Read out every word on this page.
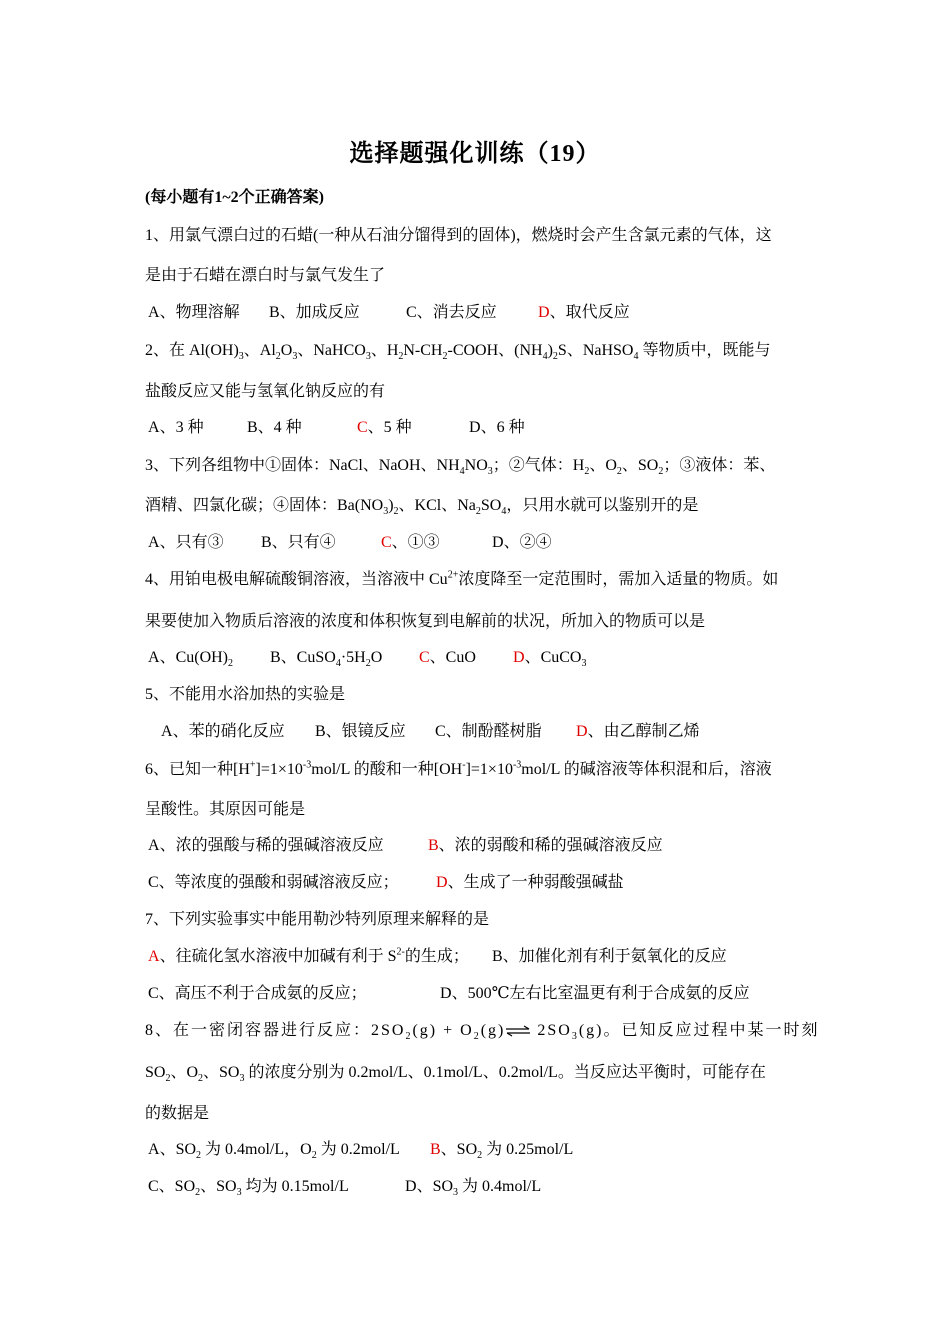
选择题强化训练（19）
(每小题有1~2个正确答案)
1、用氯气漂白过的石蜡(一种从石油分馏得到的固体)，燃烧时会产生含氯元素的气体，这
是由于石蜡在漂白时与氯气发生了
A、物理溶解 B、加成反应	C、消去反应	D、取代反应
2、在 $Al(OH)_3$、$Al_2O_3$、NaHCO$_3$、$H_2N-CH_2$-COOH、$(NH_4)_2S$、NaHSO$_4$ 等物质中，既能与
盐酸反应又能与氢氧化钠反应的有
A、3 种	B、4 种	C、5 种	D、6 种
3、下列各组物中①固体：NaCl、NaOH、$NH_4NO_3$；②气体：$H_2$、$O_2$、$SO_2$；③液体：苯、
酒精、四氯化碳；④固体：$Ba(NO_3)_2$、KCl、$Na_2SO_4$，只用水就可以鉴别开的是
A、只有③ B、只有④	C、①③	D、②④
4、用铂电极电解硫酸铜溶液，当溶液中 $Cu^{2+}$浓度降至一定范围时，需加入适量的物质。如
果要使加入物质后溶液的浓度和体积恢复到电解前的状况，所加入的物质可以是
A、$Cu(OH)_2$ B、$CuSO_4\cdot 5H_2O$ C、CuO D、CuCO$_3$
5、不能用水浴加热的实验是
A、苯的硝化反应 B、银镜反应 C、制酚醛树脂 D、由乙醇制乙烯
6、已知一种$[H^+]=1\times 10^{-3}mol/L$ 的酸和一种$[OH^-]=1\times 10^{-3}mol/L$ 的碱溶液等体积混和后，溶液
呈酸性。其原因可能是
A、浓的强酸与稀的强碱溶液反应	B、浓的弱酸和稀的强碱溶液反应
C、等浓度的强酸和弱碱溶液反应； D、生成了一种弱酸强碱盐
7、下列实验事实中能用勒沙特列原理来解释的是
A、往硫化氢水溶液中加碱有利于 $S^{2-}$的生成； B、加催化剂有利于氨氧化的反应
C、高压不利于合成氨的反应；	D、500℃左右比室温更有利于合成氨的反应
8、在一密闭容器进行反应：$2SO_2(g)$ + $O_2(g)\rightleftharpoons$ $2SO_3(g)$。已知反应过程中某一时刻
$SO_2$、$O_2$、$SO_3$ 的浓度分别为 0.2mol/L、0.1mol/L、0.2mol/L。当反应达平衡时，可能存在
的数据是
A、$SO_2$ 为 0.4mol/L，$O_2$ 为 0.2mol/L B、$SO_2$ 为 0.25mol/L
C、$SO_2$、$SO_3$ 均为 0.15mol/L	D、$SO_3$ 为 0.4mol/L
